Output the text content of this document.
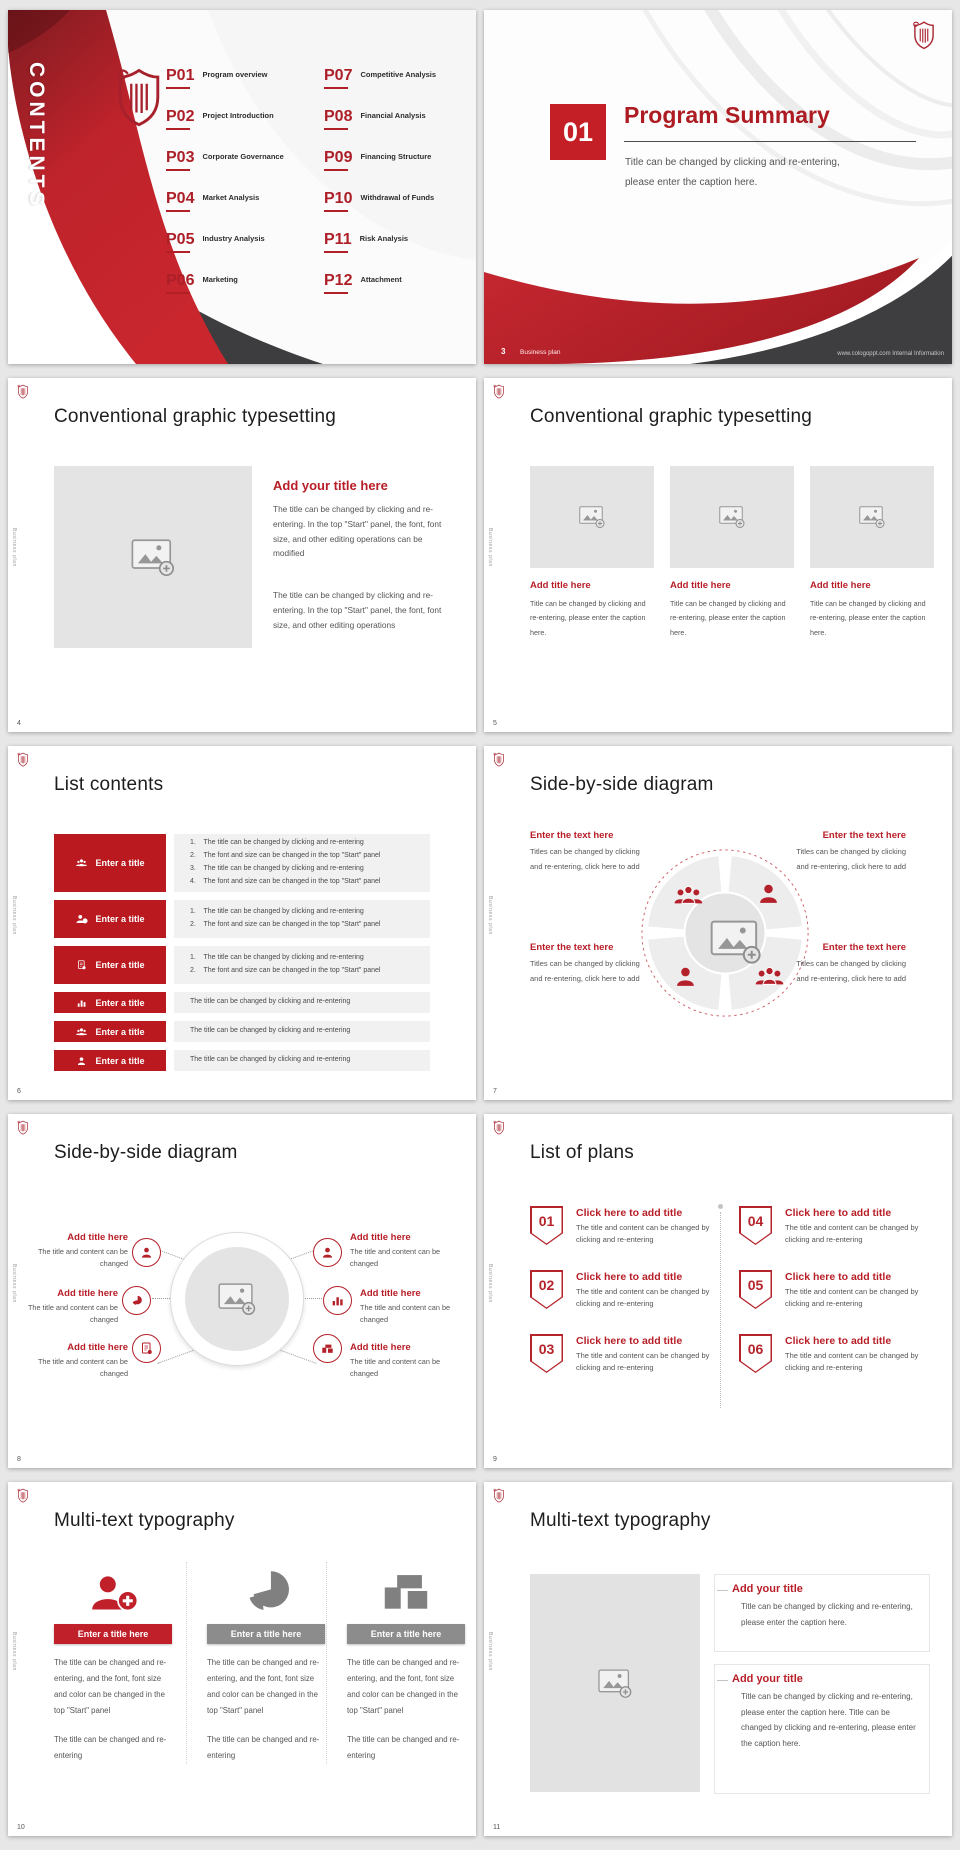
CONTENTS	P01 Program overview
P02 Project Introduction
P03 Corporate Governance
P04 Market Analysis
P05 Industry Analysis
P06 Marketing
P07 Competitive Analysis
P08 Financial Analysis
P09 Financing Structure
P10 Withdrawal of Funds
P11 Risk Analysis
P12 Attachment
Business plan
01
Program Summary
Title can be changed by clicking and re-entering, please enter the caption here.
3 Business plan	www.cologoppt.com Internal Information
Business plan
Conventional graphic typesetting
Add your title here
The title can be changed by clicking and re-entering. In the top "Start" panel, the font, font size, and other editing operations can be modified
The title can be changed by clicking and re-entering. In the top "Start" panel, the font, font size, and other editing operations
4
Business plan
Conventional graphic typesetting
Add title here

Title can be changed by clicking and re-entering, please enter the caption here.

Add title here

Title can be changed by clicking and re-entering, please enter the caption here.

Add title here

Title can be changed by clicking and re-entering, please enter the caption here.

5
Business plan
List contents
Enter a title
1.    The title can be changed by clicking and re-entering
2.    The font and size can be changed in the top "Start" panel
3.    The title can be changed by clicking and re-entering
4.    The font and size can be changed in the top "Start" panel
Enter a title
1.    The title can be changed by clicking and re-entering
2.    The font and size can be changed in the top "Start" panel
Enter a title
1.    The title can be changed by clicking and re-entering
2.    The font and size can be changed in the top "Start" panel
Enter a title	The title can be changed by clicking and re-entering
Enter a title	The title can be changed by clicking and re-entering
Enter a title	The title can be changed by clicking and re-entering
6
Business plan
Side-by-side diagram
Enter the text here

Titles can be changed by clicking and re-entering, click here to add

Enter the text here

Titles can be changed by clicking and re-entering, click here to add

Enter the text here

Titles can be changed by clicking and re-entering, click here to add

Enter the text here

Titles can be changed by clicking and re-entering, click here to add

7
Business plan
Side-by-side diagram
Add title here

The title and content can be changed

Add title here

The title and content can be changed

Add title here

The title and content can be changed

Add title here

The title and content can be changed

Add title here

The title and content can be changed

Add title here

The title and content can be changed

8
Business plan
List of plans
01	Click here to add title

The title and content can be changed by clicking and re-entering

02	Click here to add title

The title and content can be changed by clicking and re-entering

03	Click here to add title

The title and content can be changed by clicking and re-entering

04	Click here to add title

The title and content can be changed by clicking and re-entering

05	Click here to add title

The title and content can be changed by clicking and re-entering

06	Click here to add title

The title and content can be changed by clicking and re-entering

9
Business plan
Multi-text typography
Enter a title here
The title can be changed and re-entering, and the font, font size and color can be changed in the top "Start" panel
The title can be changed and re-entering
Enter a title here
The title can be changed and re-entering, and the font, font size and color can be changed in the top "Start" panel
The title can be changed and re-entering
Enter a title here
The title can be changed and re-entering, and the font, font size and color can be changed in the top "Start" panel
The title can be changed and re-entering
10
Business plan
Multi-text typography
Add your title

Title can be changed by clicking and re-entering, please enter the caption here.

Add your title

Title can be changed by clicking and re-entering, please enter the caption here. Title can be changed by clicking and re-entering, please enter the caption here.

11
